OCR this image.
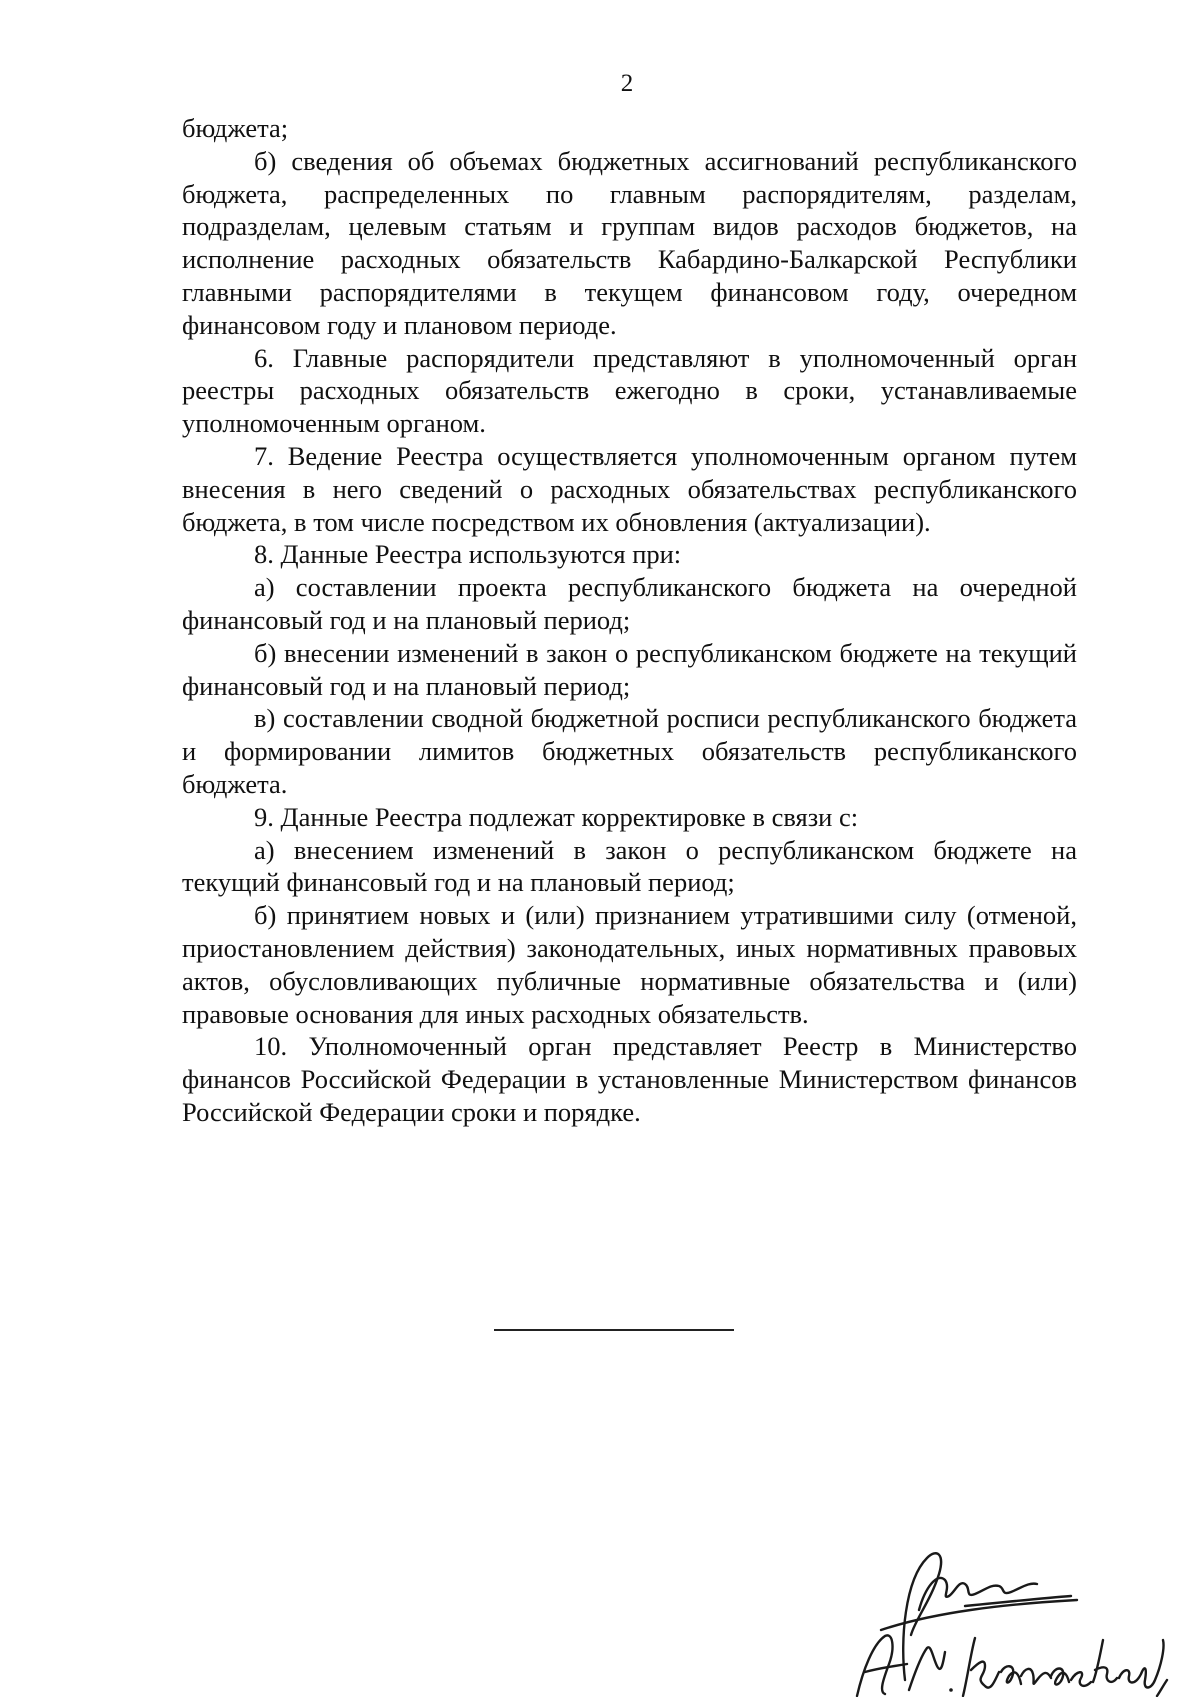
2

бюджета;

б) сведения об объемах бюджетных ассигнований республиканского бюджета, распределенных по главным распорядителям, разделам, подразделам, целевым статьям и группам видов расходов бюджетов, на исполнение расходных обязательств Кабардино-Балкарской Республики главными распорядителями в текущем финансовом году, очередном финансовом году и плановом периоде.

6. Главные распорядители представляют в уполномоченный орган реестры расходных обязательств ежегодно в сроки, устанавливаемые уполномоченным органом.

7. Ведение Реестра осуществляется уполномоченным органом путем внесения в него сведений о расходных обязательствах республиканского бюджета, в том числе посредством их обновления (актуализации).

8. Данные Реестра используются при:

а) составлении проекта республиканского бюджета на очередной финансовый год и на плановый период;

б) внесении изменений в закон о республиканском бюджете на текущий финансовый год и на плановый период;

в) составлении сводной бюджетной росписи республиканского бюджета и формировании лимитов бюджетных обязательств республиканского бюджета.

9. Данные Реестра подлежат корректировке в связи с:

а) внесением изменений в закон о республиканском бюджете на текущий финансовый год и на плановый период;

б) принятием новых и (или) признанием утратившими силу (отменой, приостановлением действия) законодательных, иных нормативных правовых актов, обусловливающих публичные нормативные обязательства и (или) правовые основания для иных расходных обязательств.

10. Уполномоченный орган представляет Реестр в Министерство финансов Российской Федерации в установленные Министерством финансов Российской Федерации сроки и порядке.
